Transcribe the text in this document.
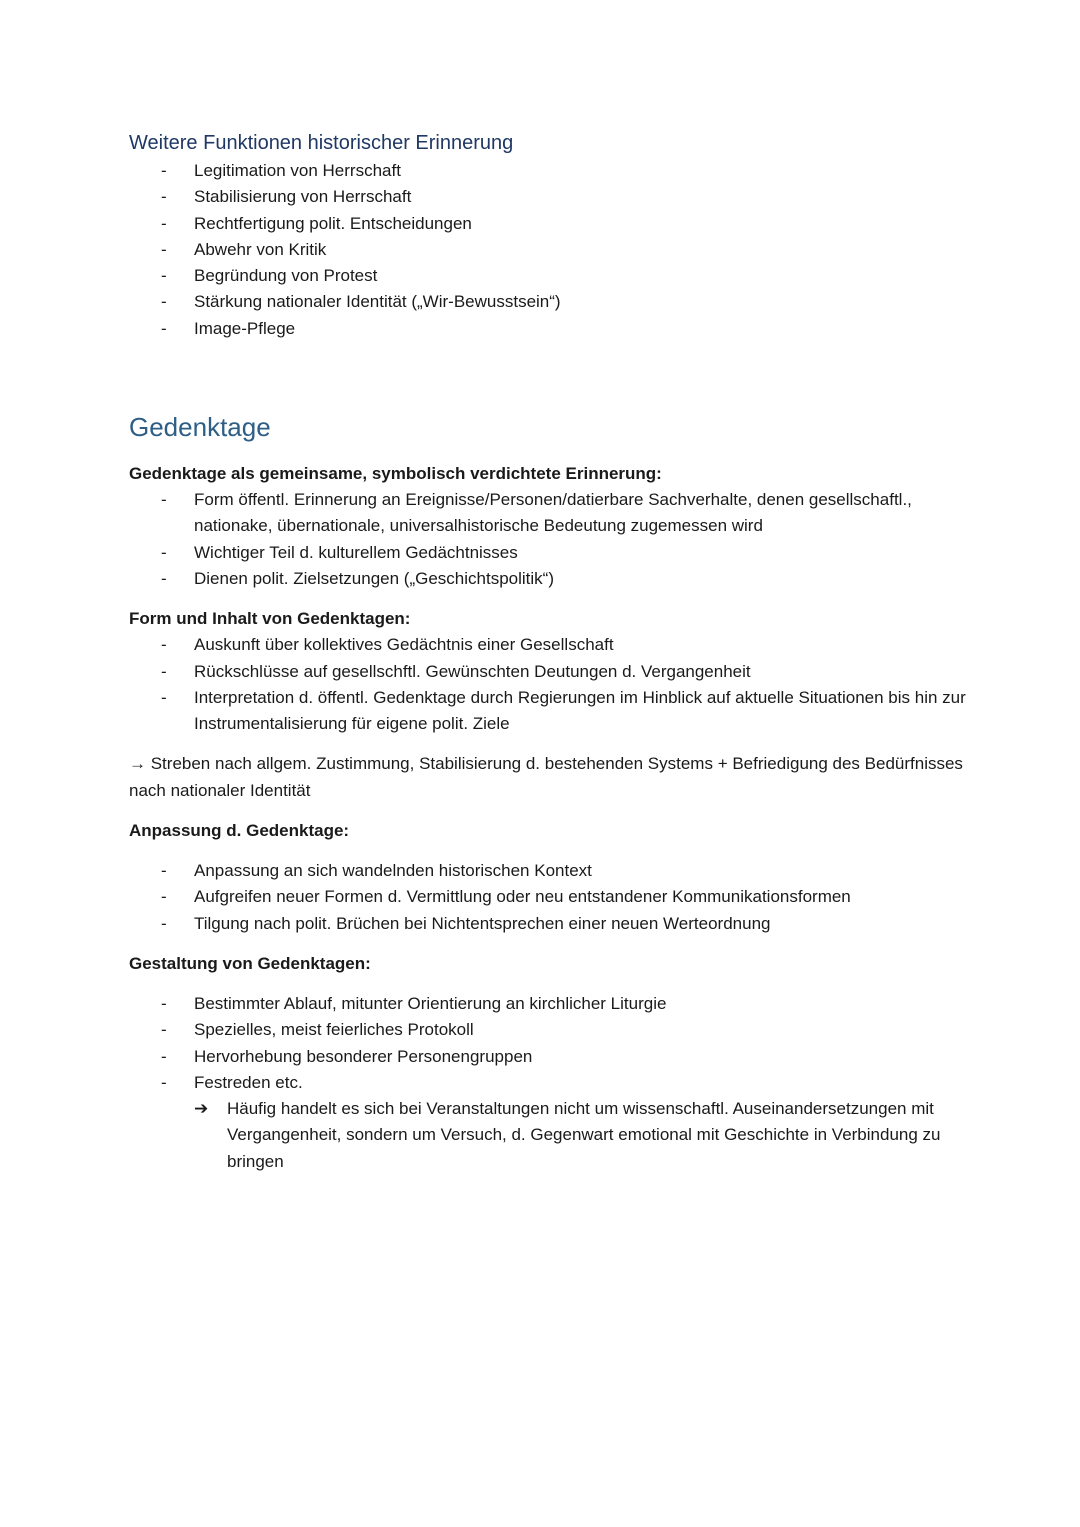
Weitere Funktionen historischer Erinnerung
- Legitimation von Herrschaft
- Stabilisierung von Herrschaft
- Rechtfertigung polit. Entscheidungen
- Abwehr von Kritik
- Begründung von Protest
- Stärkung nationaler Identität („Wir-Bewusstsein“)
- Image-Pflege
Gedenktage

Gedenktage als gemeinsame, symbolisch verdichtete Erinnerung:

- Form öffentl. Erinnerung an Ereignisse/Personen/datierbare Sachverhalte, denen gesellschaftl., nationake, übernationale, universalhistorische Bedeutung zugemessen wird
- Wichtiger Teil d. kulturellem Gedächtnisses
- Dienen polit. Zielsetzungen („Geschichtspolitik“)

Form und Inhalt von Gedenktagen:

- Auskunft über kollektives Gedächtnis einer Gesellschaft
- Rückschlüsse auf gesellschftl. Gewünschten Deutungen d. Vergangenheit
- Interpretation d. öffentl. Gedenktage durch Regierungen im Hinblick auf aktuelle Situationen bis hin zur Instrumentalisierung für eigene polit. Ziele

→ Streben nach allgem. Zustimmung, Stabilisierung d. bestehenden Systems + Befriedigung des Bedürfnisses nach nationaler Identität

Anpassung d. Gedenktage:

- Anpassung an sich wandelnden historischen Kontext
- Aufgreifen neuer Formen d. Vermittlung oder neu entstandener Kommunikationsformen
- Tilgung nach polit. Brüchen bei Nichtentsprechen einer neuen Werteordnung

Gestaltung von Gedenktagen:

- Bestimmter Ablauf, mitunter Orientierung an kirchlicher Liturgie
- Spezielles, meist feierliches Protokoll
- Hervorhebung besonderer Personengruppen
- Festreden etc.
➔ Häufig handelt es sich bei Veranstaltungen nicht um wissenschaftl. Auseinandersetzungen mit Vergangenheit, sondern um Versuch, d. Gegenwart emotional mit Geschichte in Verbindung zu bringen
